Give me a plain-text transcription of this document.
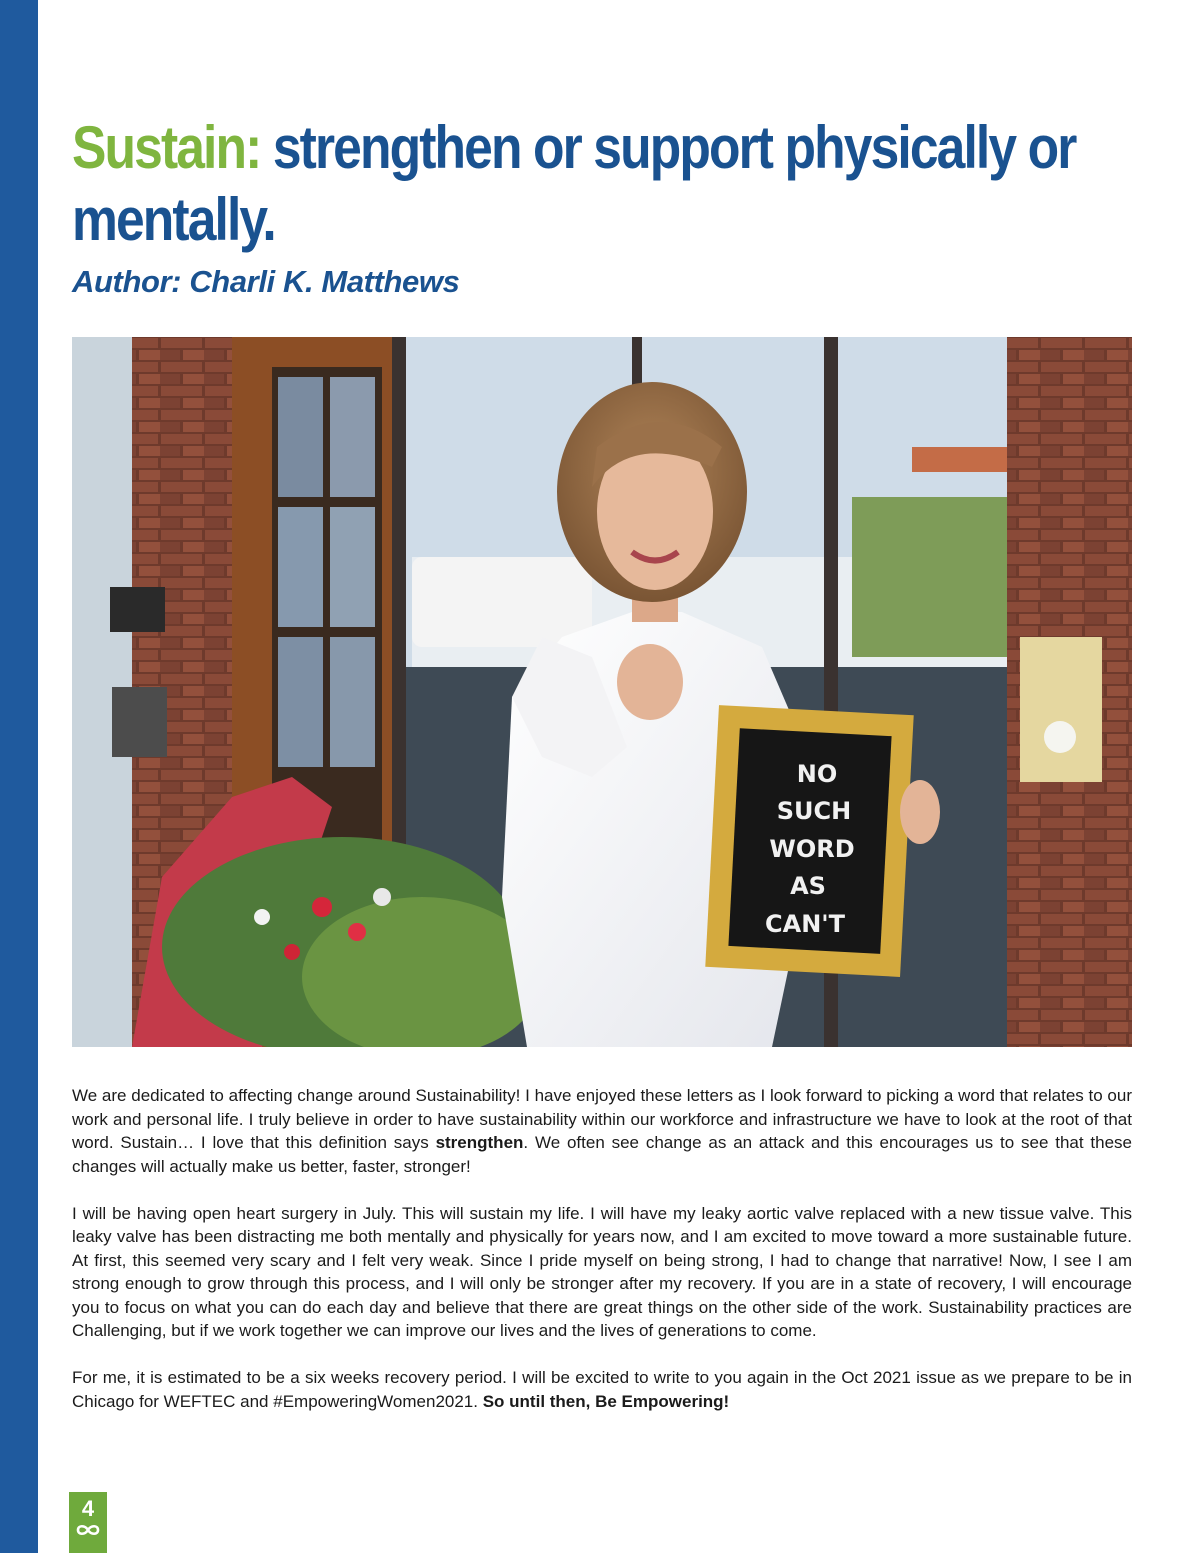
Sustain: strengthen or support physically or mentally.
Author: Charli K. Matthews
NO
SUCH
WORD
AS
CAN'T

We are dedicated to affecting change around Sustainability! I have enjoyed these letters as I look forward to picking a word that relates to our work and personal life. I truly believe in order to have sustainability within our workforce and infrastructure we have to look at the root of that word. Sustain… I love that this definition says strengthen. We often see change as an attack and this encourages us to see that these changes will actually make us better, faster, stronger!

I will be having open heart surgery in July. This will sustain my life. I will have my leaky aortic valve replaced with a new tissue valve. This leaky valve has been distracting me both mentally and physically for years now, and I am excited to move toward a more sustainable future. At first, this seemed very scary and I felt very weak. Since I pride myself on being strong, I had to change that narrative! Now, I see I am strong enough to grow through this process, and I will only be stronger after my recovery. If you are in a state of recovery, I will encourage you to focus on what you can do each day and believe that there are great things on the other side of the work. Sustainability practices are Challenging, but if we work together we can improve our lives and the lives of generations to come.

For me, it is estimated to be a six weeks recovery period. I will be excited to write to you again in the Oct 2021 issue as we prepare to be in Chicago for WEFTEC and #EmpoweringWomen2021. So until then, Be Empowering!

4
